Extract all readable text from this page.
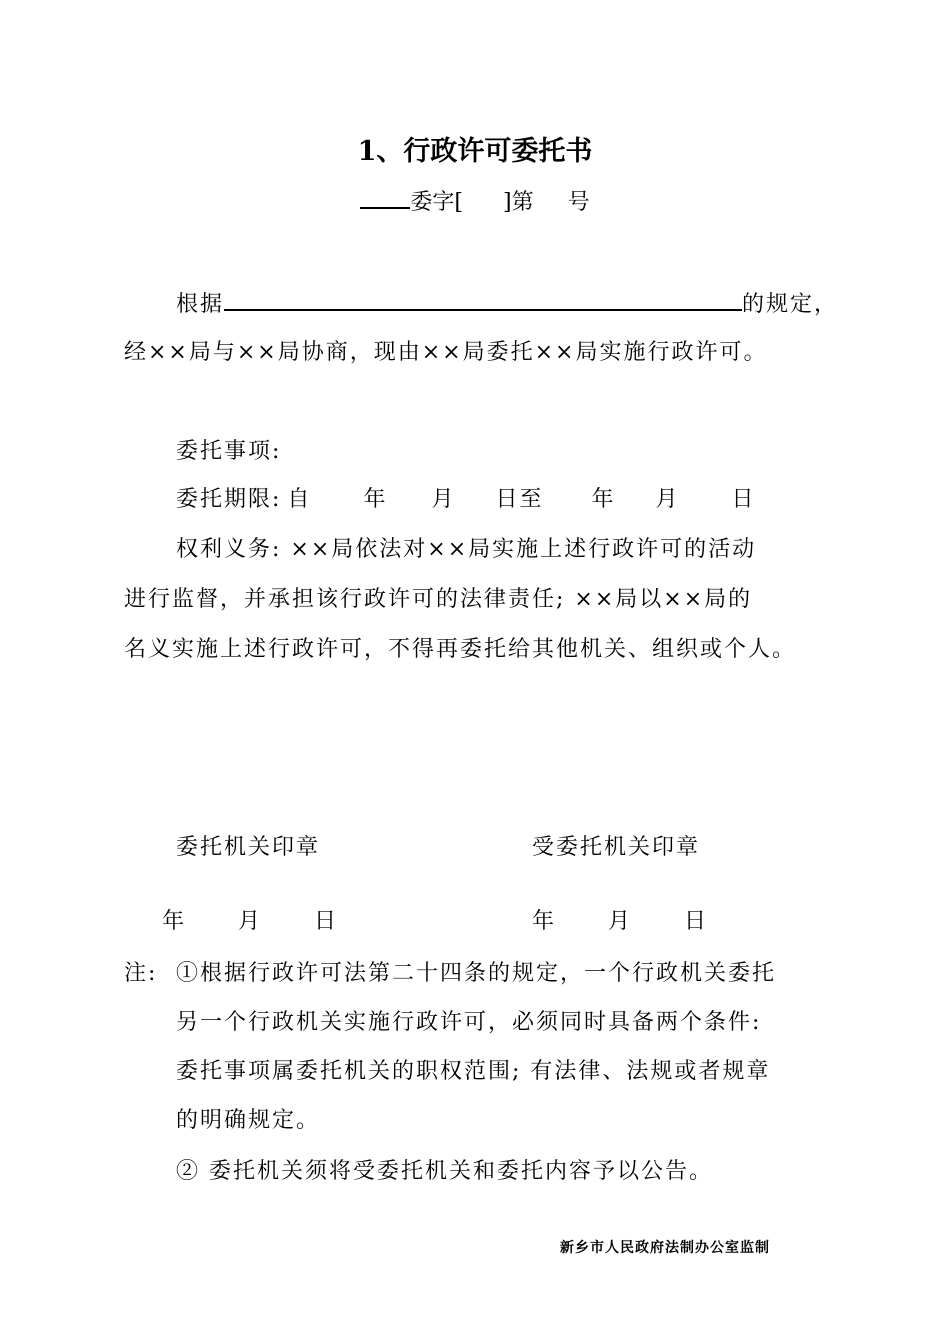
1、行政许可委托书
委字[ ]第 号
根据	的规定，
经××局与××局协商，现由××局委托××局实施行政许可。
委托事项:
委托期限: 自 年 月 日至 年 月 日
权利义务: ××局依法对××局实施上述行政许可的活动
进行监督，并承担该行政许可的法律责任; ××局以××局的
名义实施上述行政许可，不得再委托给其他机关、组织或个人。
委托机关印章	受委托机关印章
年 月 日	年 月 日
注: ①根据行政许可法第二十四条的规定，一个行政机关委托
另一个行政机关实施行政许可，必须同时具备两个条件:
委托事项属委托机关的职权范围; 有法律、法规或者规章
的明确规定。
② 委托机关须将受委托机关和委托内容予以公告。
新乡市人民政府法制办公室监制
